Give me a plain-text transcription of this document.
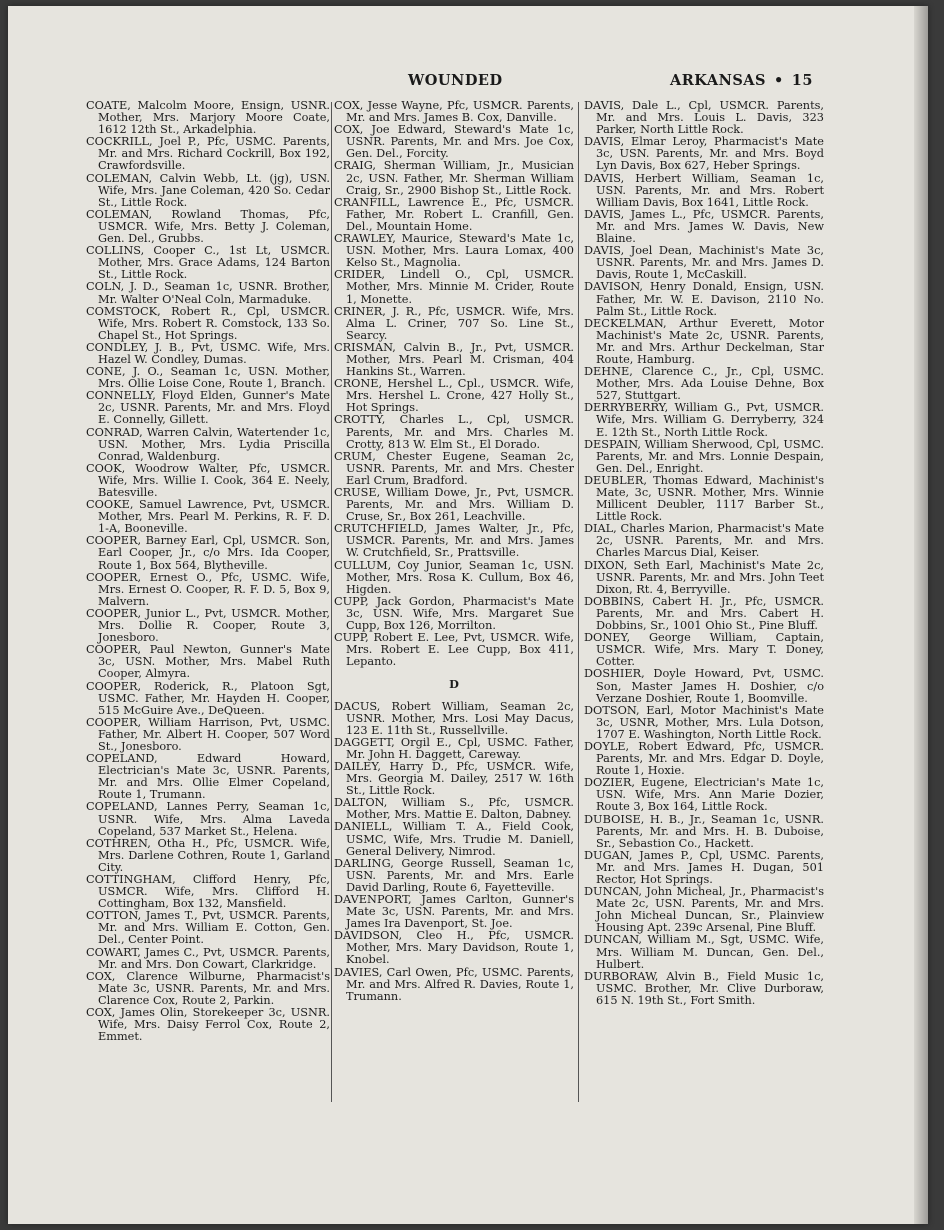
WOUNDED	ARKANSAS • 15

COATE, Malcolm Moore, Ensign, USNR. Mother, Mrs. Marjory Moore Coate, 1612 12th St., Arkadelphia.

COCKRILL, Joel P., Pfc, USMC. Parents, Mr. and Mrs. Richard Cockrill, Box 192, Crawfordsville.

COLEMAN, Calvin Webb, Lt. (jg), USN. Wife, Mrs. Jane Coleman, 420 So. Cedar St., Little Rock.

COLEMAN, Rowland Thomas, Pfc, USMCR. Wife, Mrs. Betty J. Coleman, Gen. Del., Grubbs.

COLLINS, Cooper C., 1st Lt, USMCR. Mother, Mrs. Grace Adams, 124 Barton St., Little Rock.

COLN, J. D., Seaman 1c, USNR. Brother, Mr. Walter O'Neal Coln, Marmaduke.

COMSTOCK, Robert R., Cpl, USMCR. Wife, Mrs. Robert R. Comstock, 133 So. Chapel St., Hot Springs.

CONDLEY, J. B., Pvt, USMC. Wife, Mrs. Hazel W. Condley, Dumas.

CONE, J. O., Seaman 1c, USN. Mother, Mrs. Ollie Loise Cone, Route 1, Branch.

CONNELLY, Floyd Elden, Gunner's Mate 2c, USNR. Parents, Mr. and Mrs. Floyd E. Connelly, Gillett.

CONRAD, Warren Calvin, Watertender 1c, USN. Mother, Mrs. Lydia Priscilla Conrad, Waldenburg.

COOK, Woodrow Walter, Pfc, USMCR. Wife, Mrs. Willie I. Cook, 364 E. Neely, Batesville.

COOKE, Samuel Lawrence, Pvt, USMCR. Mother, Mrs. Pearl M. Perkins, R. F. D. 1-A, Booneville.

COOPER, Barney Earl, Cpl, USMCR. Son, Earl Cooper, Jr., c/o Mrs. Ida Cooper, Route 1, Box 564, Blytheville.

COOPER, Ernest O., Pfc, USMC. Wife, Mrs. Ernest O. Cooper, R. F. D. 5, Box 9, Malvern.

COOPER, Junior L., Pvt, USMCR. Mother, Mrs. Dollie R. Cooper, Route 3, Jonesboro.

COOPER, Paul Newton, Gunner's Mate 3c, USN. Mother, Mrs. Mabel Ruth Cooper, Almyra.

COOPER, Roderick, R., Platoon Sgt, USMC. Father, Mr. Hayden H. Cooper, 515 McGuire Ave., DeQueen.

COOPER, William Harrison, Pvt, USMC. Father, Mr. Albert H. Cooper, 507 Word St., Jonesboro.

COPELAND, Edward Howard, Electrician's Mate 3c, USNR. Parents, Mr. and Mrs. Ollie Elmer Copeland, Route 1, Trumann.

COPELAND, Lannes Perry, Seaman 1c, USNR. Wife, Mrs. Alma Laveda Copeland, 537 Market St., Helena.

COTHREN, Otha H., Pfc, USMCR. Wife, Mrs. Darlene Cothren, Route 1, Garland City.

COTTINGHAM, Clifford Henry, Pfc, USMCR. Wife, Mrs. Clifford H. Cottingham, Box 132, Mansfield.

COTTON, James T., Pvt, USMCR. Parents, Mr. and Mrs. William E. Cotton, Gen. Del., Center Point.

COWART, James C., Pvt, USMCR. Parents, Mr. and Mrs. Don Cowart, Clarkridge.

COX, Clarence Wilburne, Pharmacist's Mate 3c, USNR. Parents, Mr. and Mrs. Clarence Cox, Route 2, Parkin.

COX, James Olin, Storekeeper 3c, USNR. Wife, Mrs. Daisy Ferrol Cox, Route 2, Emmet.

COX, Jesse Wayne, Pfc, USMCR. Parents, Mr. and Mrs. James B. Cox, Danville.

COX, Joe Edward, Steward's Mate 1c, USNR. Parents, Mr. and Mrs. Joe Cox, Gen. Del., Forcity.

CRAIG, Sherman William, Jr., Musician 2c, USN. Father, Mr. Sherman William Craig, Sr., 2900 Bishop St., Little Rock.

CRANFILL, Lawrence E., Pfc, USMCR. Father, Mr. Robert L. Cranfill, Gen. Del., Mountain Home.

CRAWLEY, Maurice, Steward's Mate 1c, USN. Mother, Mrs. Laura Lomax, 400 Kelso St., Magnolia.

CRIDER, Lindell O., Cpl, USMCR. Mother, Mrs. Minnie M. Crider, Route 1, Monette.

CRINER, J. R., Pfc, USMCR. Wife, Mrs. Alma L. Criner, 707 So. Line St., Searcy.

CRISMAN, Calvin B., Jr., Pvt, USMCR. Mother, Mrs. Pearl M. Crisman, 404 Hankins St., Warren.

CRONE, Hershel L., Cpl., USMCR. Wife, Mrs. Hershel L. Crone, 427 Holly St., Hot Springs.

CROTTY, Charles L., Cpl, USMCR. Parents, Mr. and Mrs. Charles M. Crotty, 813 W. Elm St., El Dorado.

CRUM, Chester Eugene, Seaman 2c, USNR. Parents, Mr. and Mrs. Chester Earl Crum, Bradford.

CRUSE, William Dowe, Jr., Pvt, USMCR. Parents, Mr. and Mrs. William D. Cruse, Sr., Box 261, Leachville.

CRUTCHFIELD, James Walter, Jr., Pfc, USMCR. Parents, Mr. and Mrs. James W. Crutchfield, Sr., Prattsville.

CULLUM, Coy Junior, Seaman 1c, USN. Mother, Mrs. Rosa K. Cullum, Box 46, Higden.

CUPP, Jack Gordon, Pharmacist's Mate 3c, USN. Wife, Mrs. Margaret Sue Cupp, Box 126, Morrilton.

CUPP, Robert E. Lee, Pvt, USMCR. Wife, Mrs. Robert E. Lee Cupp, Box 411, Lepanto.

D

DACUS, Robert William, Seaman 2c, USNR. Mother, Mrs. Losi May Dacus, 123 E. 11th St., Russellville.

DAGGETT, Orgil E., Cpl, USMC. Father, Mr. John H. Daggett, Careway.

DAILEY, Harry D., Pfc, USMCR. Wife, Mrs. Georgia M. Dailey, 2517 W. 16th St., Little Rock.

DALTON, William S., Pfc, USMCR. Mother, Mrs. Mattie E. Dalton, Dabney.

DANIELL, William T. A., Field Cook, USMC, Wife, Mrs. Trudie M. Daniell, General Delivery, Nimrod.

DARLING, George Russell, Seaman 1c, USN. Parents, Mr. and Mrs. Earle David Darling, Route 6, Fayetteville.

DAVENPORT, James Carlton, Gunner's Mate 3c, USN. Parents, Mr. and Mrs. James Ira Davenport, St. Joe.

DAVIDSON, Cleo H., Pfc, USMCR. Mother, Mrs. Mary Davidson, Route 1, Knobel.

DAVIES, Carl Owen, Pfc, USMC. Parents, Mr. and Mrs. Alfred R. Davies, Route 1, Trumann.

DAVIS, Dale L., Cpl, USMCR. Parents, Mr. and Mrs. Louis L. Davis, 323 Parker, North Little Rock.

DAVIS, Elmar Leroy, Pharmacist's Mate 3c, USN. Parents, Mr. and Mrs. Boyd Lyn Davis, Box 627, Heber Springs.

DAVIS, Herbert William, Seaman 1c, USN. Parents, Mr. and Mrs. Robert William Davis, Box 1641, Little Rock.

DAVIS, James L., Pfc, USMCR. Parents, Mr. and Mrs. James W. Davis, New Blaine.

DAVIS, Joel Dean, Machinist's Mate 3c, USNR. Parents, Mr. and Mrs. James D. Davis, Route 1, McCaskill.

DAVISON, Henry Donald, Ensign, USN. Father, Mr. W. E. Davison, 2110 No. Palm St., Little Rock.

DECKELMAN, Arthur Everett, Motor Machinist's Mate 2c, USNR. Parents, Mr. and Mrs. Arthur Deckelman, Star Route, Hamburg.

DEHNE, Clarence C., Jr., Cpl, USMC. Mother, Mrs. Ada Louise Dehne, Box 527, Stuttgart.

DERRYBERRY, William G., Pvt, USMCR. Wife, Mrs. William G. Derryberry, 324 E. 12th St., North Little Rock.

DESPAIN, William Sherwood, Cpl, USMC. Parents, Mr. and Mrs. Lonnie Despain, Gen. Del., Enright.

DEUBLER, Thomas Edward, Machinist's Mate, 3c, USNR. Mother, Mrs. Winnie Millicent Deubler, 1117 Barber St., Little Rock.

DIAL, Charles Marion, Pharmacist's Mate 2c, USNR. Parents, Mr. and Mrs. Charles Marcus Dial, Keiser.

DIXON, Seth Earl, Machinist's Mate 2c, USNR. Parents, Mr. and Mrs. John Teet Dixon, Rt. 4, Berryville.

DOBBINS, Cabert H. Jr., Pfc, USMCR. Parents, Mr. and Mrs. Cabert H. Dobbins, Sr., 1001 Ohio St., Pine Bluff.

DONEY, George William, Captain, USMCR. Wife, Mrs. Mary T. Doney, Cotter.

DOSHIER, Doyle Howard, Pvt, USMC. Son, Master James H. Doshier, c/o Verzane Doshier, Route 1, Boomville.

DOTSON, Earl, Motor Machinist's Mate 3c, USNR, Mother, Mrs. Lula Dotson, 1707 E. Washington, North Little Rock.

DOYLE, Robert Edward, Pfc, USMCR. Parents, Mr. and Mrs. Edgar D. Doyle, Route 1, Hoxie.

DOZIER, Eugene, Electrician's Mate 1c, USN. Wife, Mrs. Ann Marie Dozier, Route 3, Box 164, Little Rock.

DUBOISE, H. B., Jr., Seaman 1c, USNR. Parents, Mr. and Mrs. H. B. Duboise, Sr., Sebastion Co., Hackett.

DUGAN, James P., Cpl, USMC. Parents, Mr. and Mrs. James H. Dugan, 501 Rector, Hot Springs.

DUNCAN, John Micheal, Jr., Pharmacist's Mate 2c, USN. Parents, Mr. and Mrs. John Micheal Duncan, Sr., Plainview Housing Apt. 239c Arsenal, Pine Bluff.

DUNCAN, William M., Sgt, USMC. Wife, Mrs. William M. Duncan, Gen. Del., Hulbert.

DURBORAW, Alvin B., Field Music 1c, USMC. Brother, Mr. Clive Durboraw, 615 N. 19th St., Fort Smith.
